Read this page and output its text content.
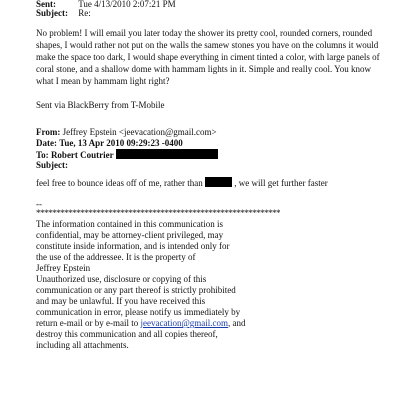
Sent: Tue 4/13/2010 2:07:21 PM
Subject: Re:
No problem! I will email you later today the shower its pretty cool, rounded corners, rounded
shapes, I would rather not put on the walls the samew stones you have on the columns it would
make the space too dark, I would shape everything in ciment tinted a color, with large panels of
coral stone, and a shallow dome with hammam lights in it. Simple and really cool. You know
what I mean by hammam light right?
Sent via BlackBerry from T-Mobile
From: Jeffrey Epstein <jeevacation@gmail.com>
Date: Tue, 13 Apr 2010 09:29:23 -0400
To: Robert Coutrier
Subject:
feel free to bounce ideas off of me, rather than	, we will get further faster
--
*************************************************************
The information contained in this communication is
confidential, may be attorney-client privileged, may
constitute inside information, and is intended only for
the use of the addressee. It is the property of
Jeffrey Epstein
Unauthorized use, disclosure or copying of this
communication or any part thereof is strictly prohibited
and may be unlawful. If you have received this
communication in error, please notify us immediately by
return e-mail or by e-mail to jeevacation@gmail.com, and
destroy this communication and all copies thereof,
including all attachments.
